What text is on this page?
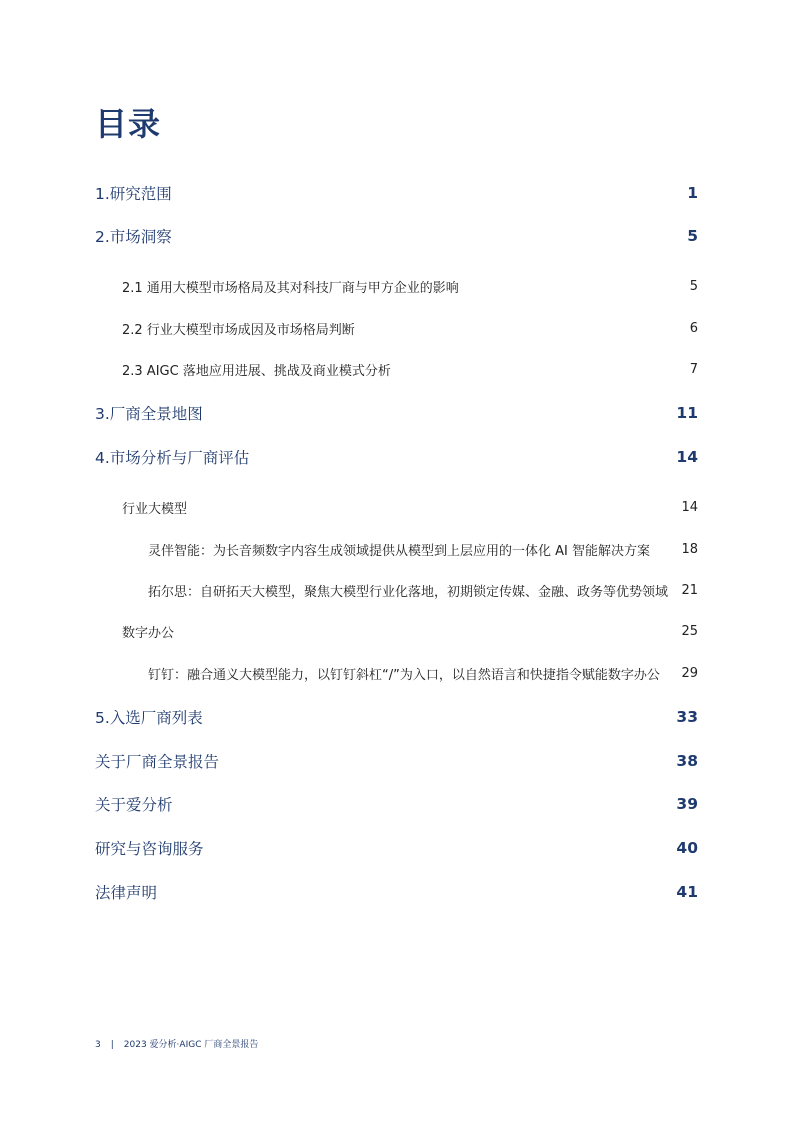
目录
1.研究范围	1
2.市场洞察	5
2.1 通用大模型市场格局及其对科技厂商与甲方企业的影响	5
2.2 行业大模型市场成因及市场格局判断	6
2.3 AIGC 落地应用进展、挑战及商业模式分析	7
3.厂商全景地图	11
4.市场分析与厂商评估	14
行业大模型	14
灵伴智能：为长音频数字内容生成领域提供从模型到上层应用的一体化 AI 智能解决方案 18
拓尔思：自研拓天大模型，聚焦大模型行业化落地，初期锁定传媒、金融、政务等优势领域 21
数字办公	25
钉钉：融合通义大模型能力，以钉钉斜杠“/”为入口，以自然语言和快捷指令赋能数字办公 29
5.入选厂商列表	33
关于厂商全景报告	38
关于爱分析	39
研究与咨询服务	40
法律声明	41
3 | 2023 爱分析·AIGC 厂商全景报告
